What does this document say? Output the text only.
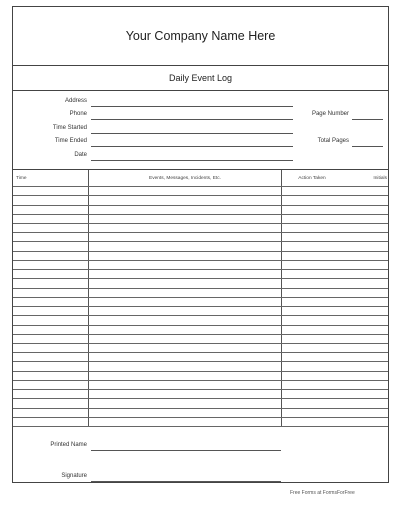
Your Company Name Here
Daily Event Log
Address
Phone
Time Started
Time Ended
Date
Page Number
Total Pages
Time	Events, Messages, Incidents, Etc.	Action Taken	Initials
Printed Name
Signature
Free Forms at FormsForFree
